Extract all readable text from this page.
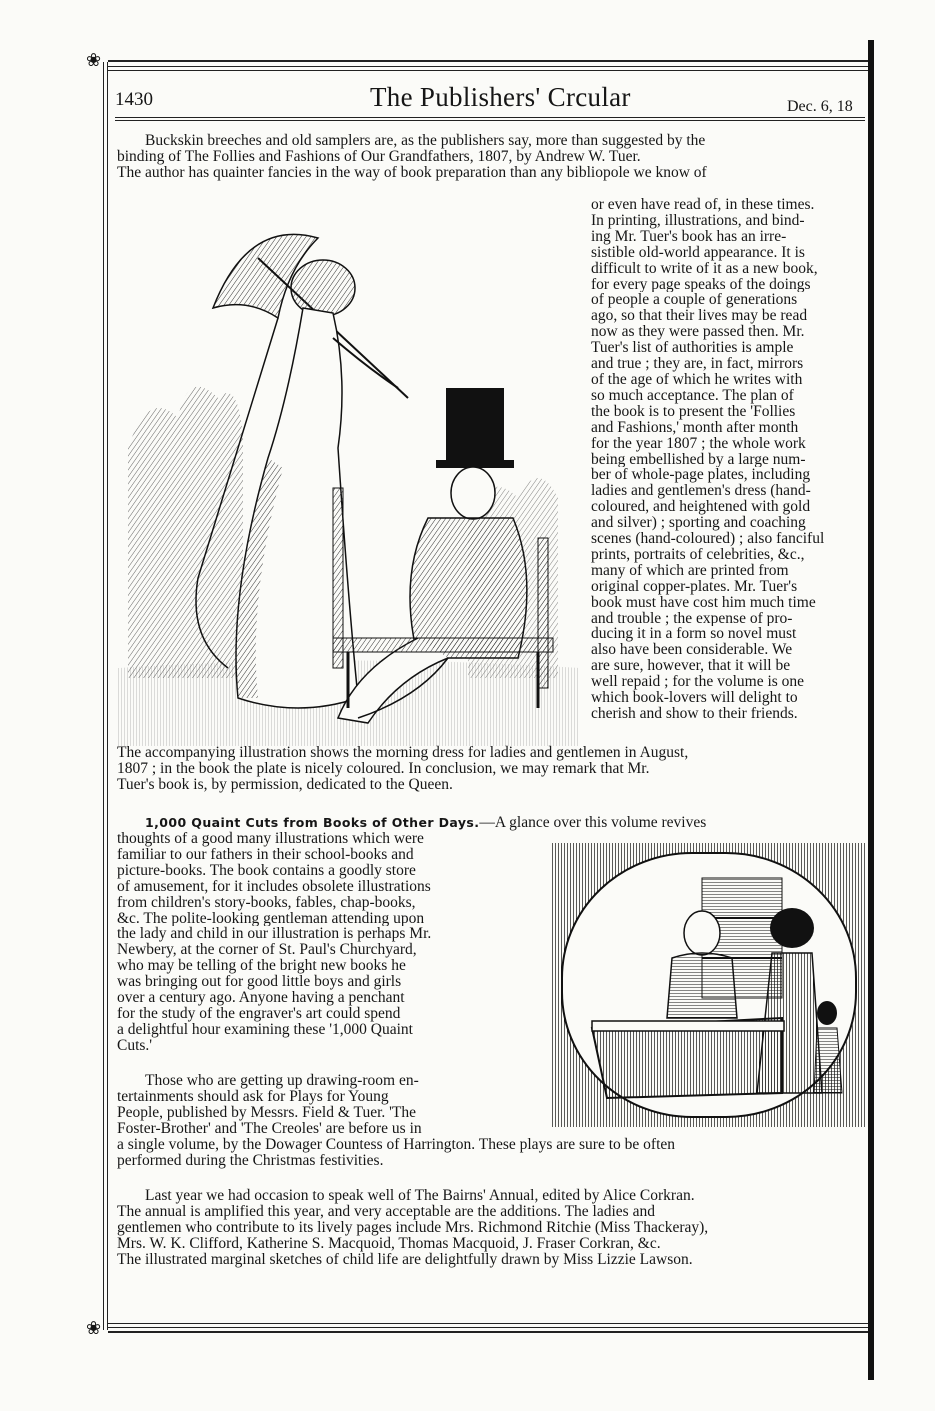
❀
❀
1430	The Publishers' Crcular	Dec. 6, 18
Buckskin breeches and old samplers are, as the publishers say, more than suggested by the
binding of The Follies and Fashions of Our Grandfathers, 1807, by Andrew W. Tuer.
The author has quainter fancies in the way of book preparation than any bibliopole we know of
or even have read of, in these times.
In printing, illustrations, and bind-
ing Mr. Tuer's book has an irre-
sistible old-world appearance. It is
difficult to write of it as a new book,
for every page speaks of the doings
of people a couple of generations
ago, so that their lives may be read
now as they were passed then. Mr.
Tuer's list of authorities is ample
and true ; they are, in fact, mirrors
of the age of which he writes with
so much acceptance. The plan of
the book is to present the 'Follies
and Fashions,' month after month
for the year 1807 ; the whole work
being embellished by a large num-
ber of whole-page plates, including
ladies and gentlemen's dress (hand-
coloured, and heightened with gold
and silver) ; sporting and coaching
scenes (hand-coloured) ; also fanciful
prints, portraits of celebrities, &c.,
many of which are printed from
original copper-plates. Mr. Tuer's
book must have cost him much time
and trouble ; the expense of pro-
ducing it in a form so novel must
also have been considerable. We
are sure, however, that it will be
well repaid ; for the volume is one
which book-lovers will delight to
cherish and show to their friends.
The accompanying illustration shows the morning dress for ladies and gentlemen in August,
1807 ; in the book the plate is nicely coloured. In conclusion, we may remark that Mr.
Tuer's book is, by permission, dedicated to the Queen.
1,000 Quaint Cuts from Books of Other Days.—A glance over this volume revives
thoughts of a good many illustrations which were
familiar to our fathers in their school-books and
picture-books. The book contains a goodly store
of amusement, for it includes obsolete illustrations
from children's story-books, fables, chap-books,
&c. The polite-looking gentleman attending upon
the lady and child in our illustration is perhaps Mr.
Newbery, at the corner of St. Paul's Churchyard,
who may be telling of the bright new books he
was bringing out for good little boys and girls
over a century ago. Anyone having a penchant
for the study of the engraver's art could spend
a delightful hour examining these '1,000 Quaint
Cuts.'
Those who are getting up drawing-room en-
tertainments should ask for Plays for Young
People, published by Messrs. Field & Tuer. 'The
Foster-Brother' and 'The Creoles' are before us in
a single volume, by the Dowager Countess of Harrington. These plays are sure to be often
performed during the Christmas festivities.
Last year we had occasion to speak well of The Bairns' Annual, edited by Alice Corkran.
The annual is amplified this year, and very acceptable are the additions. The ladies and
gentlemen who contribute to its lively pages include Mrs. Richmond Ritchie (Miss Thackeray),
Mrs. W. K. Clifford, Katherine S. Macquoid, Thomas Macquoid, J. Fraser Corkran, &c.
The illustrated marginal sketches of child life are delightfully drawn by Miss Lizzie Lawson.
